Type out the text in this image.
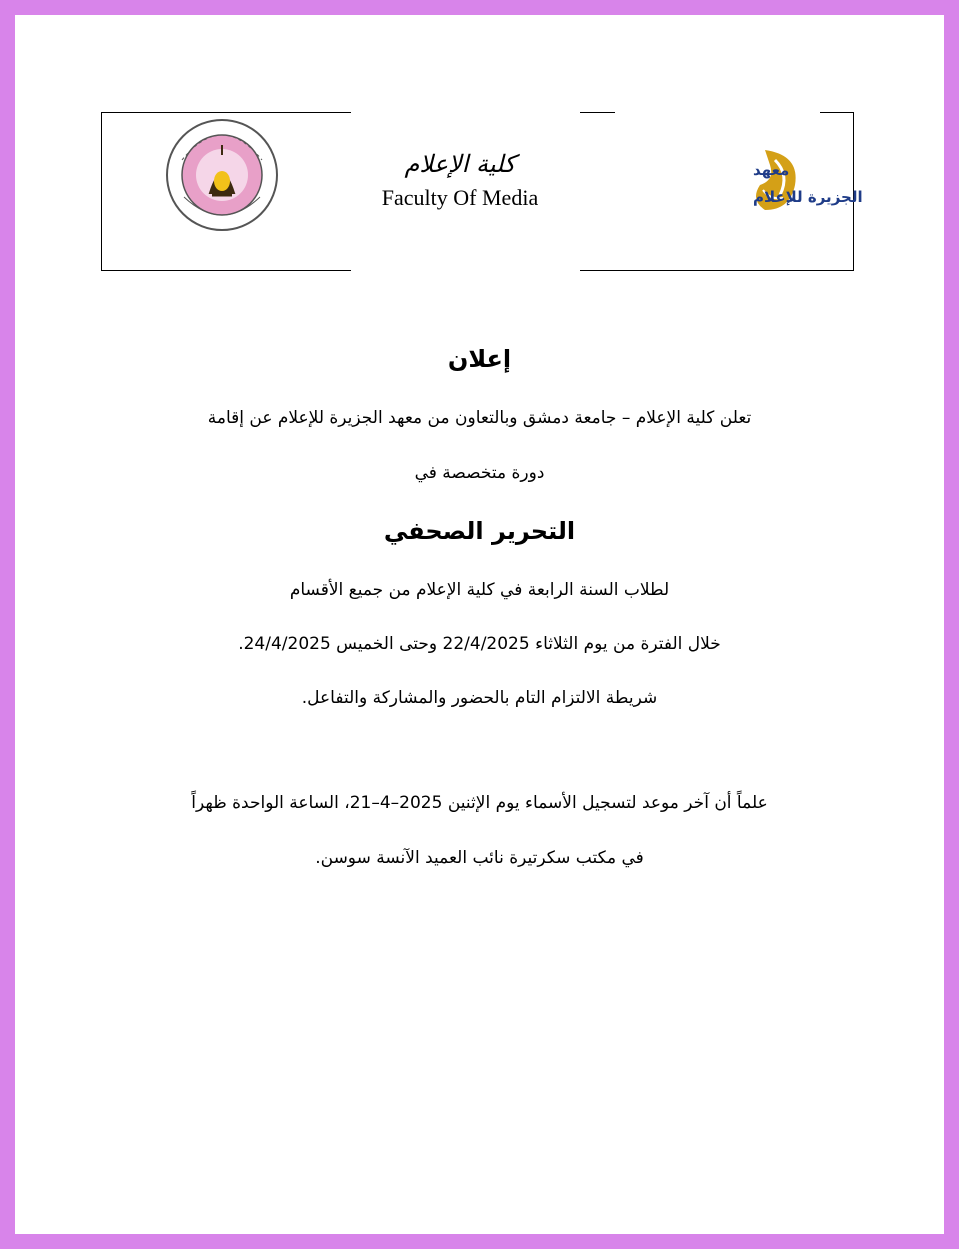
كلية الإعلام
Faculty Of Media
معهد
الجزيرة للإعلام
إعلان
تعلن كلية الإعلام – جامعة دمشق وبالتعاون من معهد الجزيرة للإعلام عن إقامة
دورة متخصصة في
التحرير الصحفي
لطلاب السنة الرابعة في كلية الإعلام من جميع الأقسام
خلال الفترة من يوم الثلاثاء 22/4/2025 وحتى الخميس 24/4/2025.
شريطة الالتزام التام بالحضور والمشاركة والتفاعل.
علماً أن آخر موعد لتسجيل الأسماء يوم الإثنين 2025–4–21، الساعة الواحدة ظهراً
في مكتب سكرتيرة نائب العميد الآنسة سوسن.
